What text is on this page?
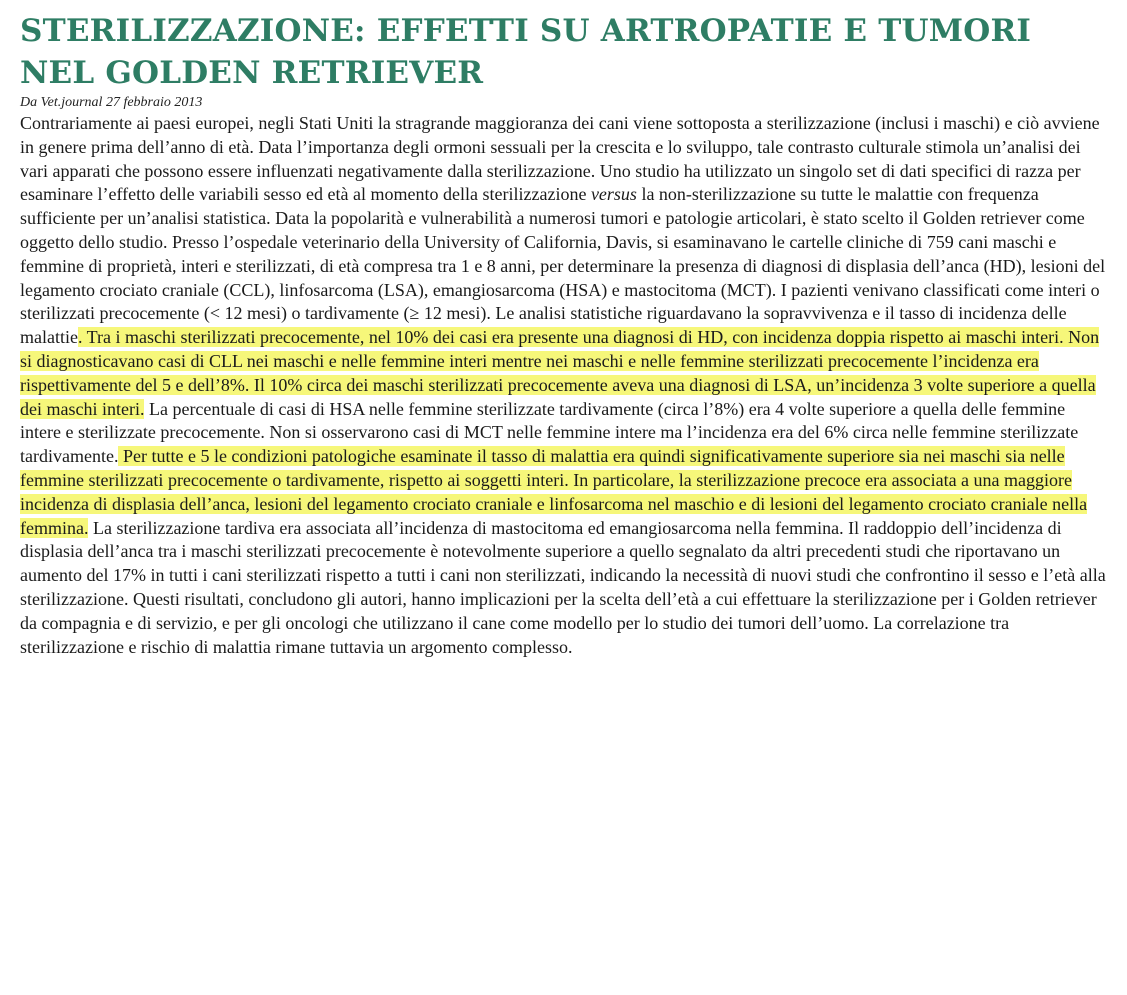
STERILIZZAZIONE: EFFETTI SU ARTROPATIE E TUMORI NEL GOLDEN RETRIEVER

Da Vet.journal 27 febbraio 2013

Contrariamente ai paesi europei, negli Stati Uniti la stragrande maggioranza dei cani viene sottoposta a sterilizzazione (inclusi i maschi) e ciò avviene in genere prima dell’anno di età. Data l’importanza degli ormoni sessuali per la crescita e lo sviluppo, tale contrasto culturale stimola un’analisi dei vari apparati che possono essere influenzati negativamente dalla sterilizzazione. Uno studio ha utilizzato un singolo set di dati specifici di razza per esaminare l’effetto delle variabili sesso ed età al momento della sterilizzazione versus la non-sterilizzazione su tutte le malattie con frequenza sufficiente per un’analisi statistica. Data la popolarità e vulnerabilità a numerosi tumori e patologie articolari, è stato scelto il Golden retriever come oggetto dello studio. Presso l’ospedale veterinario della University of California, Davis, si esaminavano le cartelle cliniche di 759 cani maschi e femmine di proprietà, interi e sterilizzati, di età compresa tra 1 e 8 anni, per determinare la presenza di diagnosi di displasia dell’anca (HD), lesioni del legamento crociato craniale (CCL), linfosarcoma (LSA), emangiosarcoma (HSA) e mastocitoma (MCT). I pazienti venivano classificati come interi o sterilizzati precocemente (< 12 mesi) o tardivamente (≥ 12 mesi). Le analisi statistiche riguardavano la sopravvivenza e il tasso di incidenza delle malattie. Tra i maschi sterilizzati precocemente, nel 10% dei casi era presente una diagnosi di HD, con incidenza doppia rispetto ai maschi interi. Non si diagnosticavano casi di CLL nei maschi e nelle femmine interi mentre nei maschi e nelle femmine sterilizzati precocemente l’incidenza era rispettivamente del 5 e dell’8%. Il 10% circa dei maschi sterilizzati precocemente aveva una diagnosi di LSA, un’incidenza 3 volte superiore a quella dei maschi interi. La percentuale di casi di HSA nelle femmine sterilizzate tardivamente (circa l’8%) era 4 volte superiore a quella delle femmine intere e sterilizzate precocemente. Non si osservarono casi di MCT nelle femmine intere ma l’incidenza era del 6% circa nelle femmine sterilizzate tardivamente. Per tutte e 5 le condizioni patologiche esaminate il tasso di malattia era quindi significativamente superiore sia nei maschi sia nelle femmine sterilizzati precocemente o tardivamente, rispetto ai soggetti interi. In particolare, la sterilizzazione precoce era associata a una maggiore incidenza di displasia dell’anca, lesioni del legamento crociato craniale e linfosarcoma nel maschio e di lesioni del legamento crociato craniale nella femmina. La sterilizzazione tardiva era associata all’incidenza di mastocitoma ed emangiosarcoma nella femmina. Il raddoppio dell’incidenza di displasia dell’anca tra i maschi sterilizzati precocemente è notevolmente superiore a quello segnalato da altri precedenti studi che riportavano un aumento del 17% in tutti i cani sterilizzati rispetto a tutti i cani non sterilizzati, indicando la necessità di nuovi studi che confrontino il sesso e l’età alla sterilizzazione. Questi risultati, concludono gli autori, hanno implicazioni per la scelta dell’età a cui effettuare la sterilizzazione per i Golden retriever da compagnia e di servizio, e per gli oncologi che utilizzano il cane come modello per lo studio dei tumori dell’uomo. La correlazione tra sterilizzazione e rischio di malattia rimane tuttavia un argomento complesso.
